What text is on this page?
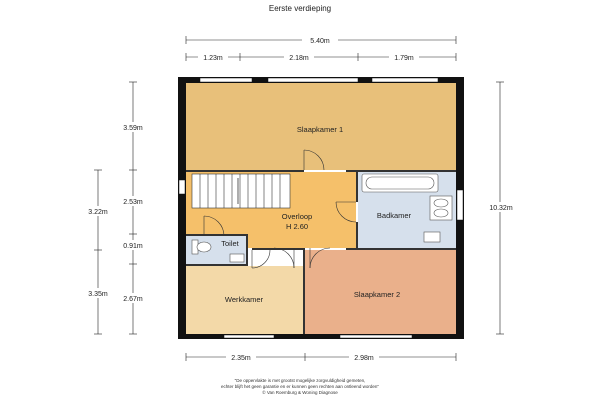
Eerste verdieping
5.40m
1.23m	2.18m	1.79m
2.35m	2.98m
10.32m
3.59m
2.53m
0.91m
2.67m
3.22m
3.35m
Slaapkamer 1
Overloop
H 2.60
Badkamer
Toilet
Werkkamer
Slaapkamer 2
"De oppervlakte is met grootst mogelijke zorgvuldigheid gemeten,
echter blijft het geen garantie en er kunnen geen rechten aan ontleend worden"
© Van Roemburg & Woning Diagnose
